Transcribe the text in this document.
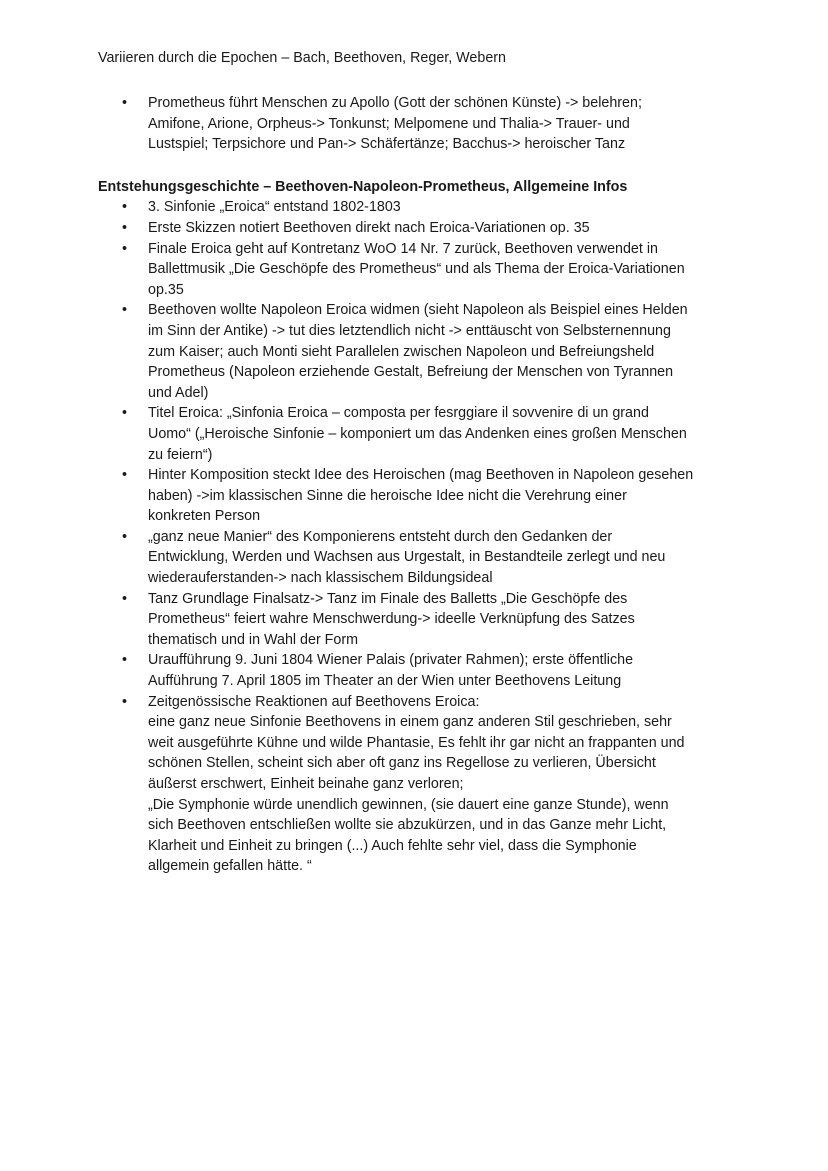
Variieren durch die Epochen – Bach, Beethoven, Reger, Webern
• Prometheus führt Menschen zu Apollo (Gott der schönen Künste) -> belehren;
Amifone, Arione, Orpheus-> Tonkunst; Melpomene und Thalia-> Trauer- und
Lustspiel; Terpsichore und Pan-> Schäfertänze; Bacchus-> heroischer Tanz
Entstehungsgeschichte – Beethoven-Napoleon-Prometheus, Allgemeine Infos
• 3. Sinfonie „Eroica“ entstand 1802-1803
• Erste Skizzen notiert Beethoven direkt nach Eroica-Variationen op. 35
• Finale Eroica geht auf Kontretanz WoO 14 Nr. 7 zurück, Beethoven verwendet in
Ballettmusik „Die Geschöpfe des Prometheus“ und als Thema der Eroica-Variationen
op.35
• Beethoven wollte Napoleon Eroica widmen (sieht Napoleon als Beispiel eines Helden
im Sinn der Antike) -> tut dies letztendlich nicht -> enttäuscht von Selbsternennung
zum Kaiser; auch Monti sieht Parallelen zwischen Napoleon und Befreiungsheld
Prometheus (Napoleon erziehende Gestalt, Befreiung der Menschen von Tyrannen
und Adel)
• Titel Eroica: „Sinfonia Eroica – composta per fesrggiare il sovvenire di un grand
Uomo“ („Heroische Sinfonie – komponiert um das Andenken eines großen Menschen
zu feiern“)
• Hinter Komposition steckt Idee des Heroischen (mag Beethoven in Napoleon gesehen
haben) ->im klassischen Sinne die heroische Idee nicht die Verehrung einer
konkreten Person
• „ganz neue Manier“ des Komponierens entsteht durch den Gedanken der
Entwicklung, Werden und Wachsen aus Urgestalt, in Bestandteile zerlegt und neu
wiederauferstanden-> nach klassischem Bildungsideal
• Tanz Grundlage Finalsatz-> Tanz im Finale des Balletts „Die Geschöpfe des
Prometheus“ feiert wahre Menschwerdung-> ideelle Verknüpfung des Satzes
thematisch und in Wahl der Form
• Uraufführung 9. Juni 1804 Wiener Palais (privater Rahmen); erste öffentliche
Aufführung 7. April 1805 im Theater an der Wien unter Beethovens Leitung
• Zeitgenössische Reaktionen auf Beethovens Eroica:
eine ganz neue Sinfonie Beethovens in einem ganz anderen Stil geschrieben, sehr
weit ausgeführte Kühne und wilde Phantasie, Es fehlt ihr gar nicht an frappanten und
schönen Stellen, scheint sich aber oft ganz ins Regellose zu verlieren, Übersicht
äußerst erschwert, Einheit beinahe ganz verloren;
„Die Symphonie würde unendlich gewinnen, (sie dauert eine ganze Stunde), wenn
sich Beethoven entschließen wollte sie abzukürzen, und in das Ganze mehr Licht,
Klarheit und Einheit zu bringen (...) Auch fehlte sehr viel, dass die Symphonie
allgemein gefallen hätte. “
